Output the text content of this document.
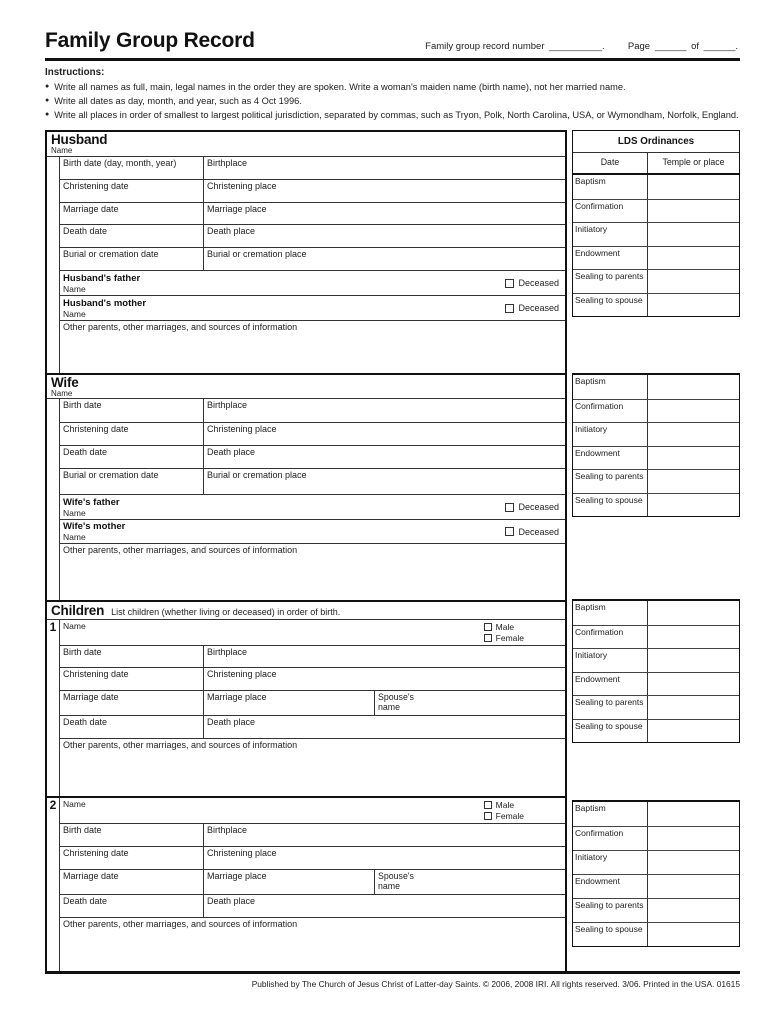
Family Group Record	Family group record number __________. Page ______ of ______.
Instructions:
● Write all names as full, main, legal names in the order they are spoken. Write a woman's maiden name (birth name), not her married name.
● Write all dates as day, month, and year, such as 4 Oct 1996.
● Write all places in order of smallest to largest political jurisdiction, separated by commas, such as Tryon, Polk, North Carolina, USA, or Wymondham, Norfolk, England.
Husband
Name
Birth date (day, month, year)	Birthplace
Christening date	Christening place
Marriage date	Marriage place
Death date	Death place
Burial or cremation date	Burial or cremation place
Husband's father
Name
Deceased
Husband's mother
Name
Deceased
Other parents, other marriages, and sources of information
Wife
Name
Birth date	Birthplace
Christening date	Christening place
Death date	Death place
Burial or cremation date	Burial or cremation place
Wife's father
Name
Deceased
Wife's mother
Name
Deceased
Other parents, other marriages, and sources of information
Children List children (whether living or deceased) in order of birth.
1 Name	Male
Female
Birth date	Birthplace
Christening date	Christening place
Marriage date	Marriage place	Spouse's name
Death date	Death place
Other parents, other marriages, and sources of information
2 Name	Male
Female
Birth date	Birthplace
Christening date	Christening place
Marriage date	Marriage place	Spouse's name
Death date	Death place
Other parents, other marriages, and sources of information
LDS Ordinances
Date	Temple or place
Baptism
Confirmation
Initiatory
Endowment
Sealing to parents
Sealing to spouse
Baptism
Confirmation
Initiatory
Endowment
Sealing to parents
Sealing to spouse
Baptism
Confirmation
Initiatory
Endowment
Sealing to parents
Sealing to spouse
Baptism
Confirmation
Initiatory
Endowment
Sealing to parents
Sealing to spouse
Published by The Church of Jesus Christ of Latter-day Saints. © 2006, 2008 IRI. All rights reserved. 3/06. Printed in the USA. 01615
